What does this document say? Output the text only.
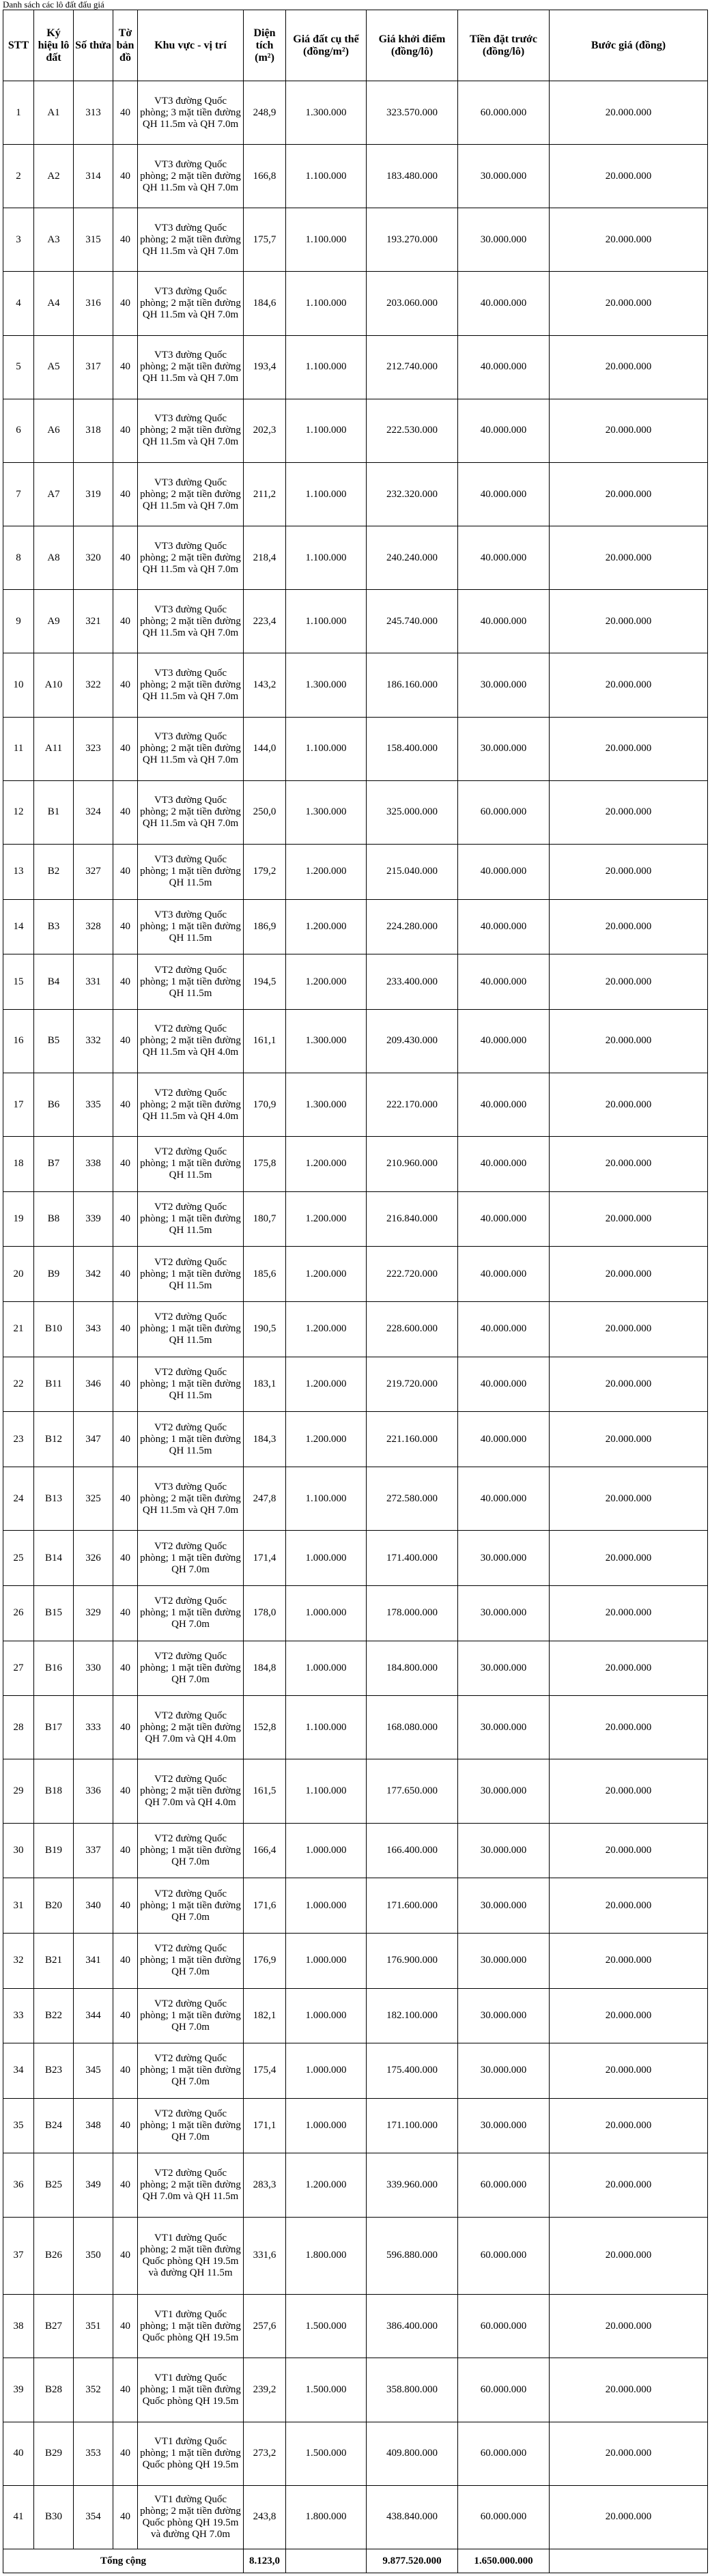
Danh sách các lô đất đấu giá
STT	Ký hiệu lô đất	Số thửa	Tờ bản đồ	Khu vực - vị trí	Diện tích (m²)	Giá đất cụ thể (đồng/m²)	Giá khởi điểm (đồng/lô)	Tiền đặt trước (đồng/lô)	Bước giá (đồng)
1	A1	313	40	VT3 đường Quốc phòng; 3 mặt tiền đường QH 11.5m và QH 7.0m	248,9	1.300.000	323.570.000	60.000.000	20.000.000
2	A2	314	40	VT3 đường Quốc phòng; 2 mặt tiền đường QH 11.5m và QH 7.0m	166,8	1.100.000	183.480.000	30.000.000	20.000.000
3	A3	315	40	VT3 đường Quốc phòng; 2 mặt tiền đường QH 11.5m và QH 7.0m	175,7	1.100.000	193.270.000	30.000.000	20.000.000
4	A4	316	40	VT3 đường Quốc phòng; 2 mặt tiền đường QH 11.5m và QH 7.0m	184,6	1.100.000	203.060.000	40.000.000	20.000.000
5	A5	317	40	VT3 đường Quốc phòng; 2 mặt tiền đường QH 11.5m và QH 7.0m	193,4	1.100.000	212.740.000	40.000.000	20.000.000
6	A6	318	40	VT3 đường Quốc phòng; 2 mặt tiền đường QH 11.5m và QH 7.0m	202,3	1.100.000	222.530.000	40.000.000	20.000.000
7	A7	319	40	VT3 đường Quốc phòng; 2 mặt tiền đường QH 11.5m và QH 7.0m	211,2	1.100.000	232.320.000	40.000.000	20.000.000
8	A8	320	40	VT3 đường Quốc phòng; 2 mặt tiền đường QH 11.5m và QH 7.0m	218,4	1.100.000	240.240.000	40.000.000	20.000.000
9	A9	321	40	VT3 đường Quốc phòng; 2 mặt tiền đường QH 11.5m và QH 7.0m	223,4	1.100.000	245.740.000	40.000.000	20.000.000
10	A10	322	40	VT3 đường Quốc phòng; 2 mặt tiền đường QH 11.5m và QH 7.0m	143,2	1.300.000	186.160.000	30.000.000	20.000.000
11	A11	323	40	VT3 đường Quốc phòng; 2 mặt tiền đường QH 11.5m và QH 7.0m	144,0	1.100.000	158.400.000	30.000.000	20.000.000
12	B1	324	40	VT3 đường Quốc phòng; 2 mặt tiền đường QH 11.5m và QH 7.0m	250,0	1.300.000	325.000.000	60.000.000	20.000.000
13	B2	327	40	VT3 đường Quốc phòng; 1 mặt tiền đường QH 11.5m	179,2	1.200.000	215.040.000	40.000.000	20.000.000
14	B3	328	40	VT3 đường Quốc phòng; 1 mặt tiền đường QH 11.5m	186,9	1.200.000	224.280.000	40.000.000	20.000.000
15	B4	331	40	VT2 đường Quốc phòng; 1 mặt tiền đường QH 11.5m	194,5	1.200.000	233.400.000	40.000.000	20.000.000
16	B5	332	40	VT2 đường Quốc phòng; 2 mặt tiền đường QH 11.5m và QH 4.0m	161,1	1.300.000	209.430.000	40.000.000	20.000.000
17	B6	335	40	VT2 đường Quốc phòng; 2 mặt tiền đường QH 11.5m và QH 4.0m	170,9	1.300.000	222.170.000	40.000.000	20.000.000
18	B7	338	40	VT2 đường Quốc phòng; 1 mặt tiền đường QH 11.5m	175,8	1.200.000	210.960.000	40.000.000	20.000.000
19	B8	339	40	VT2 đường Quốc phòng; 1 mặt tiền đường QH 11.5m	180,7	1.200.000	216.840.000	40.000.000	20.000.000
20	B9	342	40	VT2 đường Quốc phòng; 1 mặt tiền đường QH 11.5m	185,6	1.200.000	222.720.000	40.000.000	20.000.000
21	B10	343	40	VT2 đường Quốc phòng; 1 mặt tiền đường QH 11.5m	190,5	1.200.000	228.600.000	40.000.000	20.000.000
22	B11	346	40	VT2 đường Quốc phòng; 1 mặt tiền đường QH 11.5m	183,1	1.200.000	219.720.000	40.000.000	20.000.000
23	B12	347	40	VT2 đường Quốc phòng; 1 mặt tiền đường QH 11.5m	184,3	1.200.000	221.160.000	40.000.000	20.000.000
24	B13	325	40	VT3 đường Quốc phòng; 2 mặt tiền đường QH 11.5m và QH 7.0m	247,8	1.100.000	272.580.000	40.000.000	20.000.000
25	B14	326	40	VT2 đường Quốc phòng; 1 mặt tiền đường QH 7.0m	171,4	1.000.000	171.400.000	30.000.000	20.000.000
26	B15	329	40	VT2 đường Quốc phòng; 1 mặt tiền đường QH 7.0m	178,0	1.000.000	178.000.000	30.000.000	20.000.000
27	B16	330	40	VT2 đường Quốc phòng; 1 mặt tiền đường QH 7.0m	184,8	1.000.000	184.800.000	30.000.000	20.000.000
28	B17	333	40	VT2 đường Quốc phòng; 2 mặt tiền đường QH 7.0m và QH 4.0m	152,8	1.100.000	168.080.000	30.000.000	20.000.000
29	B18	336	40	VT2 đường Quốc phòng; 2 mặt tiền đường QH 7.0m và QH 4.0m	161,5	1.100.000	177.650.000	30.000.000	20.000.000
30	B19	337	40	VT2 đường Quốc phòng; 1 mặt tiền đường QH 7.0m	166,4	1.000.000	166.400.000	30.000.000	20.000.000
31	B20	340	40	VT2 đường Quốc phòng; 1 mặt tiền đường QH 7.0m	171,6	1.000.000	171.600.000	30.000.000	20.000.000
32	B21	341	40	VT2 đường Quốc phòng; 1 mặt tiền đường QH 7.0m	176,9	1.000.000	176.900.000	30.000.000	20.000.000
33	B22	344	40	VT2 đường Quốc phòng; 1 mặt tiền đường QH 7.0m	182,1	1.000.000	182.100.000	30.000.000	20.000.000
34	B23	345	40	VT2 đường Quốc phòng; 1 mặt tiền đường QH 7.0m	175,4	1.000.000	175.400.000	30.000.000	20.000.000
35	B24	348	40	VT2 đường Quốc phòng; 1 mặt tiền đường QH 7.0m	171,1	1.000.000	171.100.000	30.000.000	20.000.000
36	B25	349	40	VT2 đường Quốc phòng; 2 mặt tiền đường QH 7.0m và QH 11.5m	283,3	1.200.000	339.960.000	60.000.000	20.000.000
37	B26	350	40	VT1 đường Quốc phòng; 2 mặt tiền đường Quốc phòng QH 19.5m và đường QH 11.5m	331,6	1.800.000	596.880.000	60.000.000	20.000.000
38	B27	351	40	VT1 đường Quốc phòng; 1 mặt tiền đường Quốc phòng QH 19.5m	257,6	1.500.000	386.400.000	60.000.000	20.000.000
39	B28	352	40	VT1 đường Quốc phòng; 1 mặt tiền đường Quốc phòng QH 19.5m	239,2	1.500.000	358.800.000	60.000.000	20.000.000
40	B29	353	40	VT1 đường Quốc phòng; 1 mặt tiền đường Quốc phòng QH 19.5m	273,2	1.500.000	409.800.000	60.000.000	20.000.000
41	B30	354	40	VT1 đường Quốc phòng; 2 mặt tiền đường Quốc phòng QH 19.5m và đường QH 7.0m	243,8	1.800.000	438.840.000	60.000.000	20.000.000
Tổng cộng					8.123,0		9.877.520.000	1.650.000.000	
